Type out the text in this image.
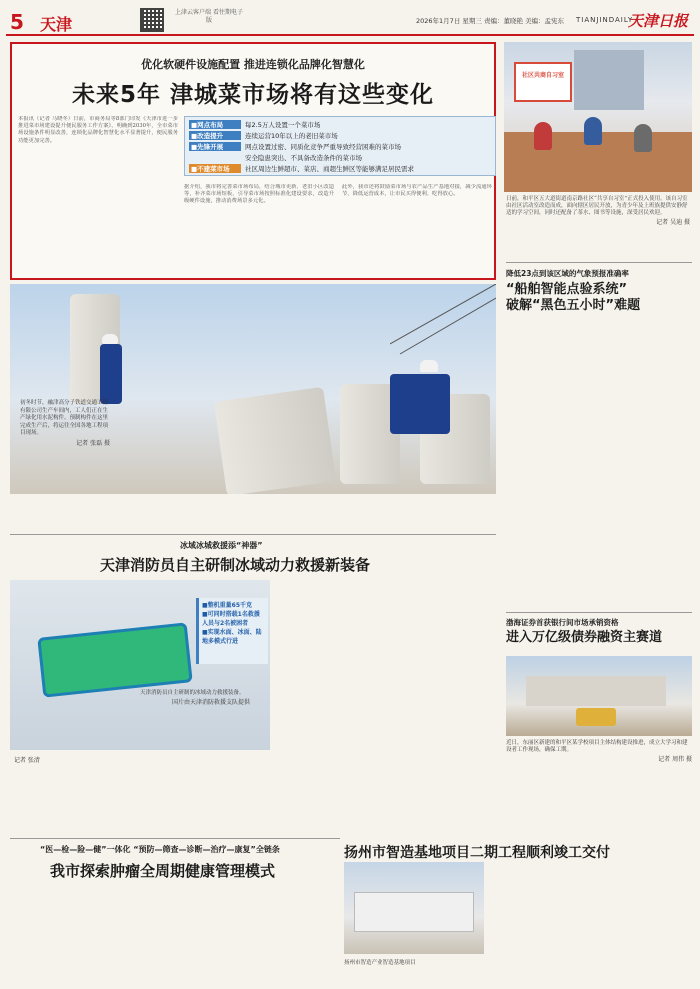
5 天津
上津云客户端 看往期电子版	2026年1月7日 星期三 责编：董晓艳 美编：孟宪东 TIANJINDAILY
天津日报
优化软硬件设施配置 推进连锁化品牌化智慧化
未来5年 津城菜市场将有这些变化
本报讯（记者 马晓冬）日前，市商务局等8部门印发《天津市进一步推进菜市场建设提升便民服务工作方案》，明确到2030年，全市菜市场设施条件明显改善，连锁化品牌化智慧化水平显著提升，便民服务功能更加完善。
■网点布局	每2.5万人设置一个菜市场
■改造提升	连续运营10年以上的老旧菜市场
■先锋开展	网点设置过密、同质化竞争严重导致经营困难的菜市场
安全隐患突出、不具备改造条件的菜市场
■不建菜市场 社区周边生鲜超市、菜店、商超生鲜区等能够满足居民需求
据介绍，我市将完善菜市场布局，结合城市更新、老旧小区改造等，补齐菜市场短板，引导菜市场按照标准化建设要求，改造升级硬件设施，推动消费场景多元化。
此外，我市还将鼓励菜市场与农产品生产基地对接，减少流通环节，降低运营成本，让市民买得便利、吃得放心。
社区共商自习室
日前，和平区五大道街道南京路社区“共享自习室”正式投入使用。该自习室由社区活动室改造而成，面向辖区居民开放，为青少年及上班族提供安静舒适的学习空间，同时还配备了茶水、图书等设施，深受居民欢迎。
记者 吴迪 摄
降低23点到该区域的气象预报准确率
“船舶智能点验系统”
破解“黑色五小时”难题
渤海证券首获银行间市场承销资格
进入万亿级债券融资主赛道
初冬时节，融津高分子铁道交通工程有限公司生产车间内，工人们正在生产绿化用水泥构件。预制构件在这里完成生产后，将运往全国各地工程项目现场。
记者 张磊 摄
冰域冰城救援添“神器”
天津消防员自主研制冰域动力救援新装备
■整机重量65千克
■可同时搭载1名救援人员与2名被困者
■实现水面、冰面、陆地多模式行进
天津消防员自主研制的冰域动力救援装备。
国片由天津消防救援支队提供
记者 张清
近日，东丽区新建的和平区某学校项目主体结构建设推进，成立大学习和建设者工作现场，确保工期。
记者 周伟 摄
“医—检—险—健”一体化 “预防—筛查—诊断—治疗—康复”全链条
我市探索肿瘤全周期健康管理模式
扬州市智造基地项目二期工程顺利竣工交付
扬州市智造产业智造基地项目
